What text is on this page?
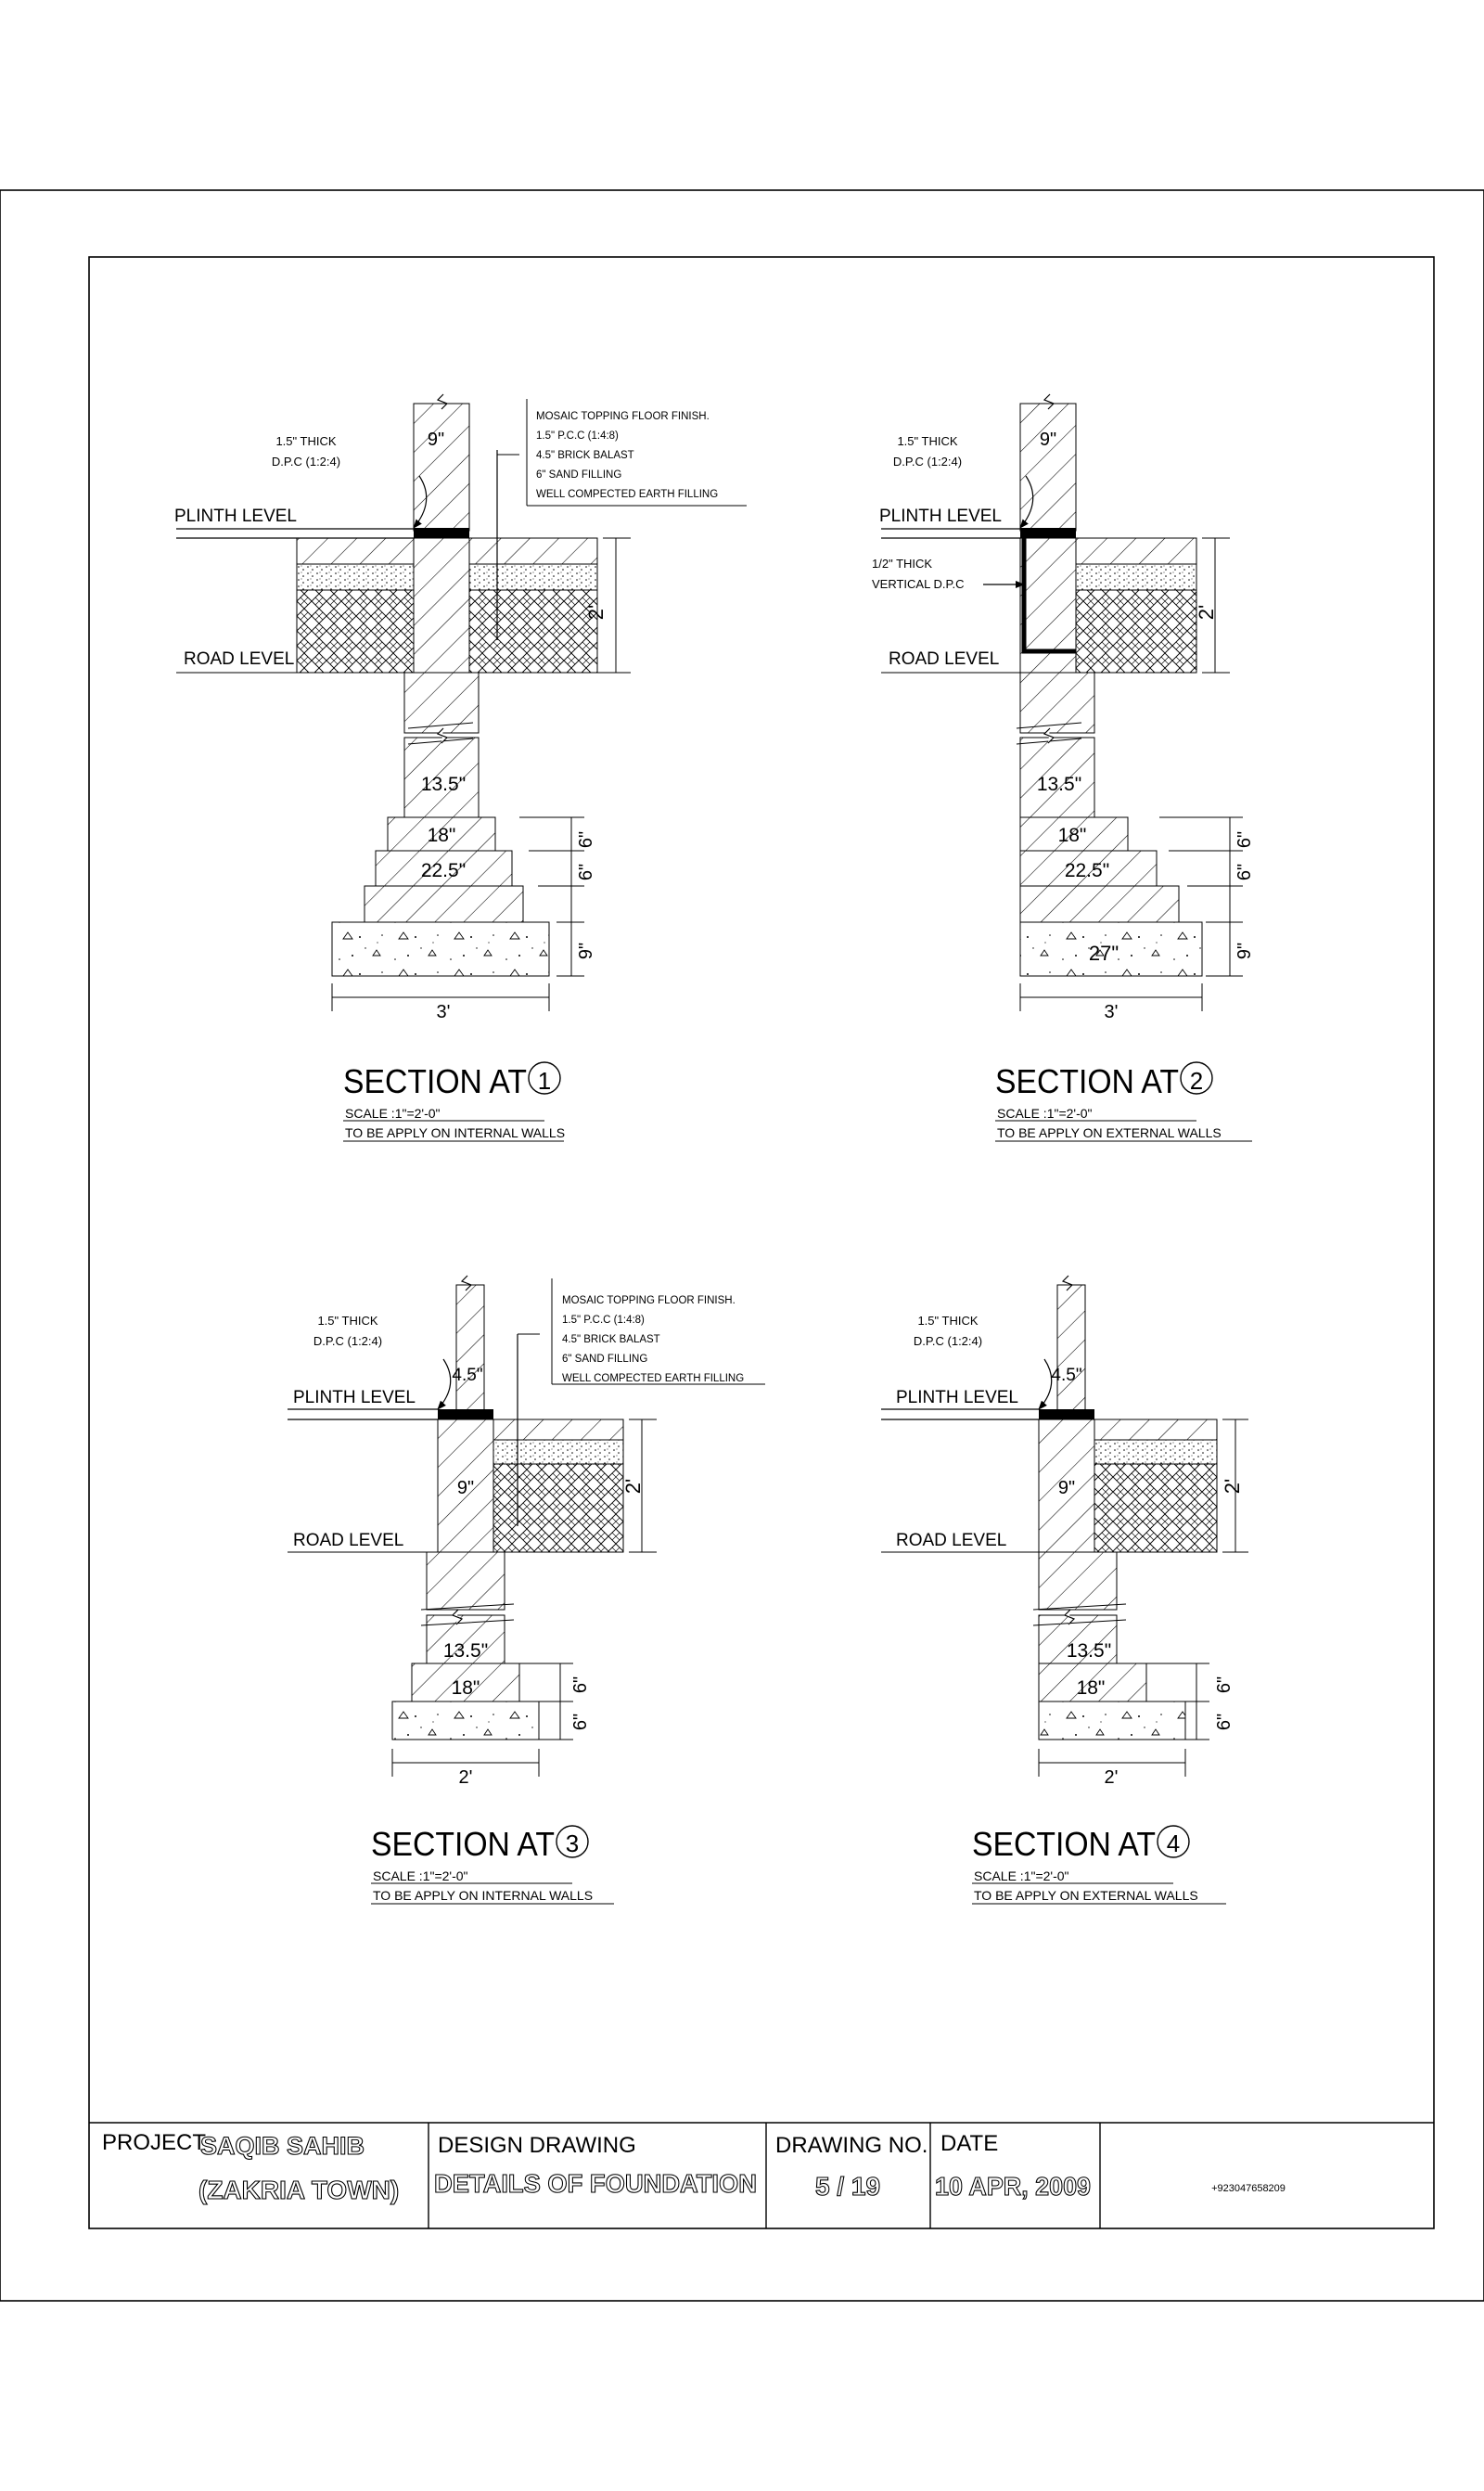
9"
1.5" THICK
D.P.C (1:2:4)
MOSAIC TOPPING FLOOR FINISH.
1.5" P.C.C (1:4:8)
4.5" BRICK BALAST
6" SAND FILLING
WELL COMPECTED EARTH FILLING
PLINTH LEVEL
ROAD LEVEL
2'
13.5"
18"
22.5"
6"
6"
9"
3'
SECTION AT 1
SCALE :1"=2'-0"
TO BE APPLY ON INTERNAL WALLS
9"
1.5" THICK
D.P.C (1:2:4)
PLINTH LEVEL
1/2" THICK
VERTICAL D.P.C
ROAD LEVEL
2'
13.5"
18"
22.5"
27"
6"
6"
9"
3'
SECTION AT 2
SCALE :1"=2'-0"
TO BE APPLY ON EXTERNAL WALLS
1.5" THICK
D.P.C (1:2:4)
MOSAIC TOPPING FLOOR FINISH.
1.5" P.C.C (1:4:8)
4.5" BRICK BALAST
6" SAND FILLING
WELL COMPECTED EARTH FILLING
4.5"
PLINTH LEVEL
9"
ROAD LEVEL
2'
13.5"
18"	6"
6"
2'
SECTION AT 3
SCALE :1"=2'-0"
TO BE APPLY ON INTERNAL WALLS
1.5" THICK
D.P.C (1:2:4)
4.5"
PLINTH LEVEL
9"
ROAD LEVEL
2'
13.5"
18"	6"
6"
2'
SECTION AT 4
SCALE :1"=2'-0"
TO BE APPLY ON EXTERNAL WALLS
PROJECT
SAQIB SAHIB
(ZAKRIA TOWN)
DESIGN DRAWING
DETAILS OF FOUNDATION
DRAWING NO.
5 / 19
DATE
10 APR, 2009	+923047658209
